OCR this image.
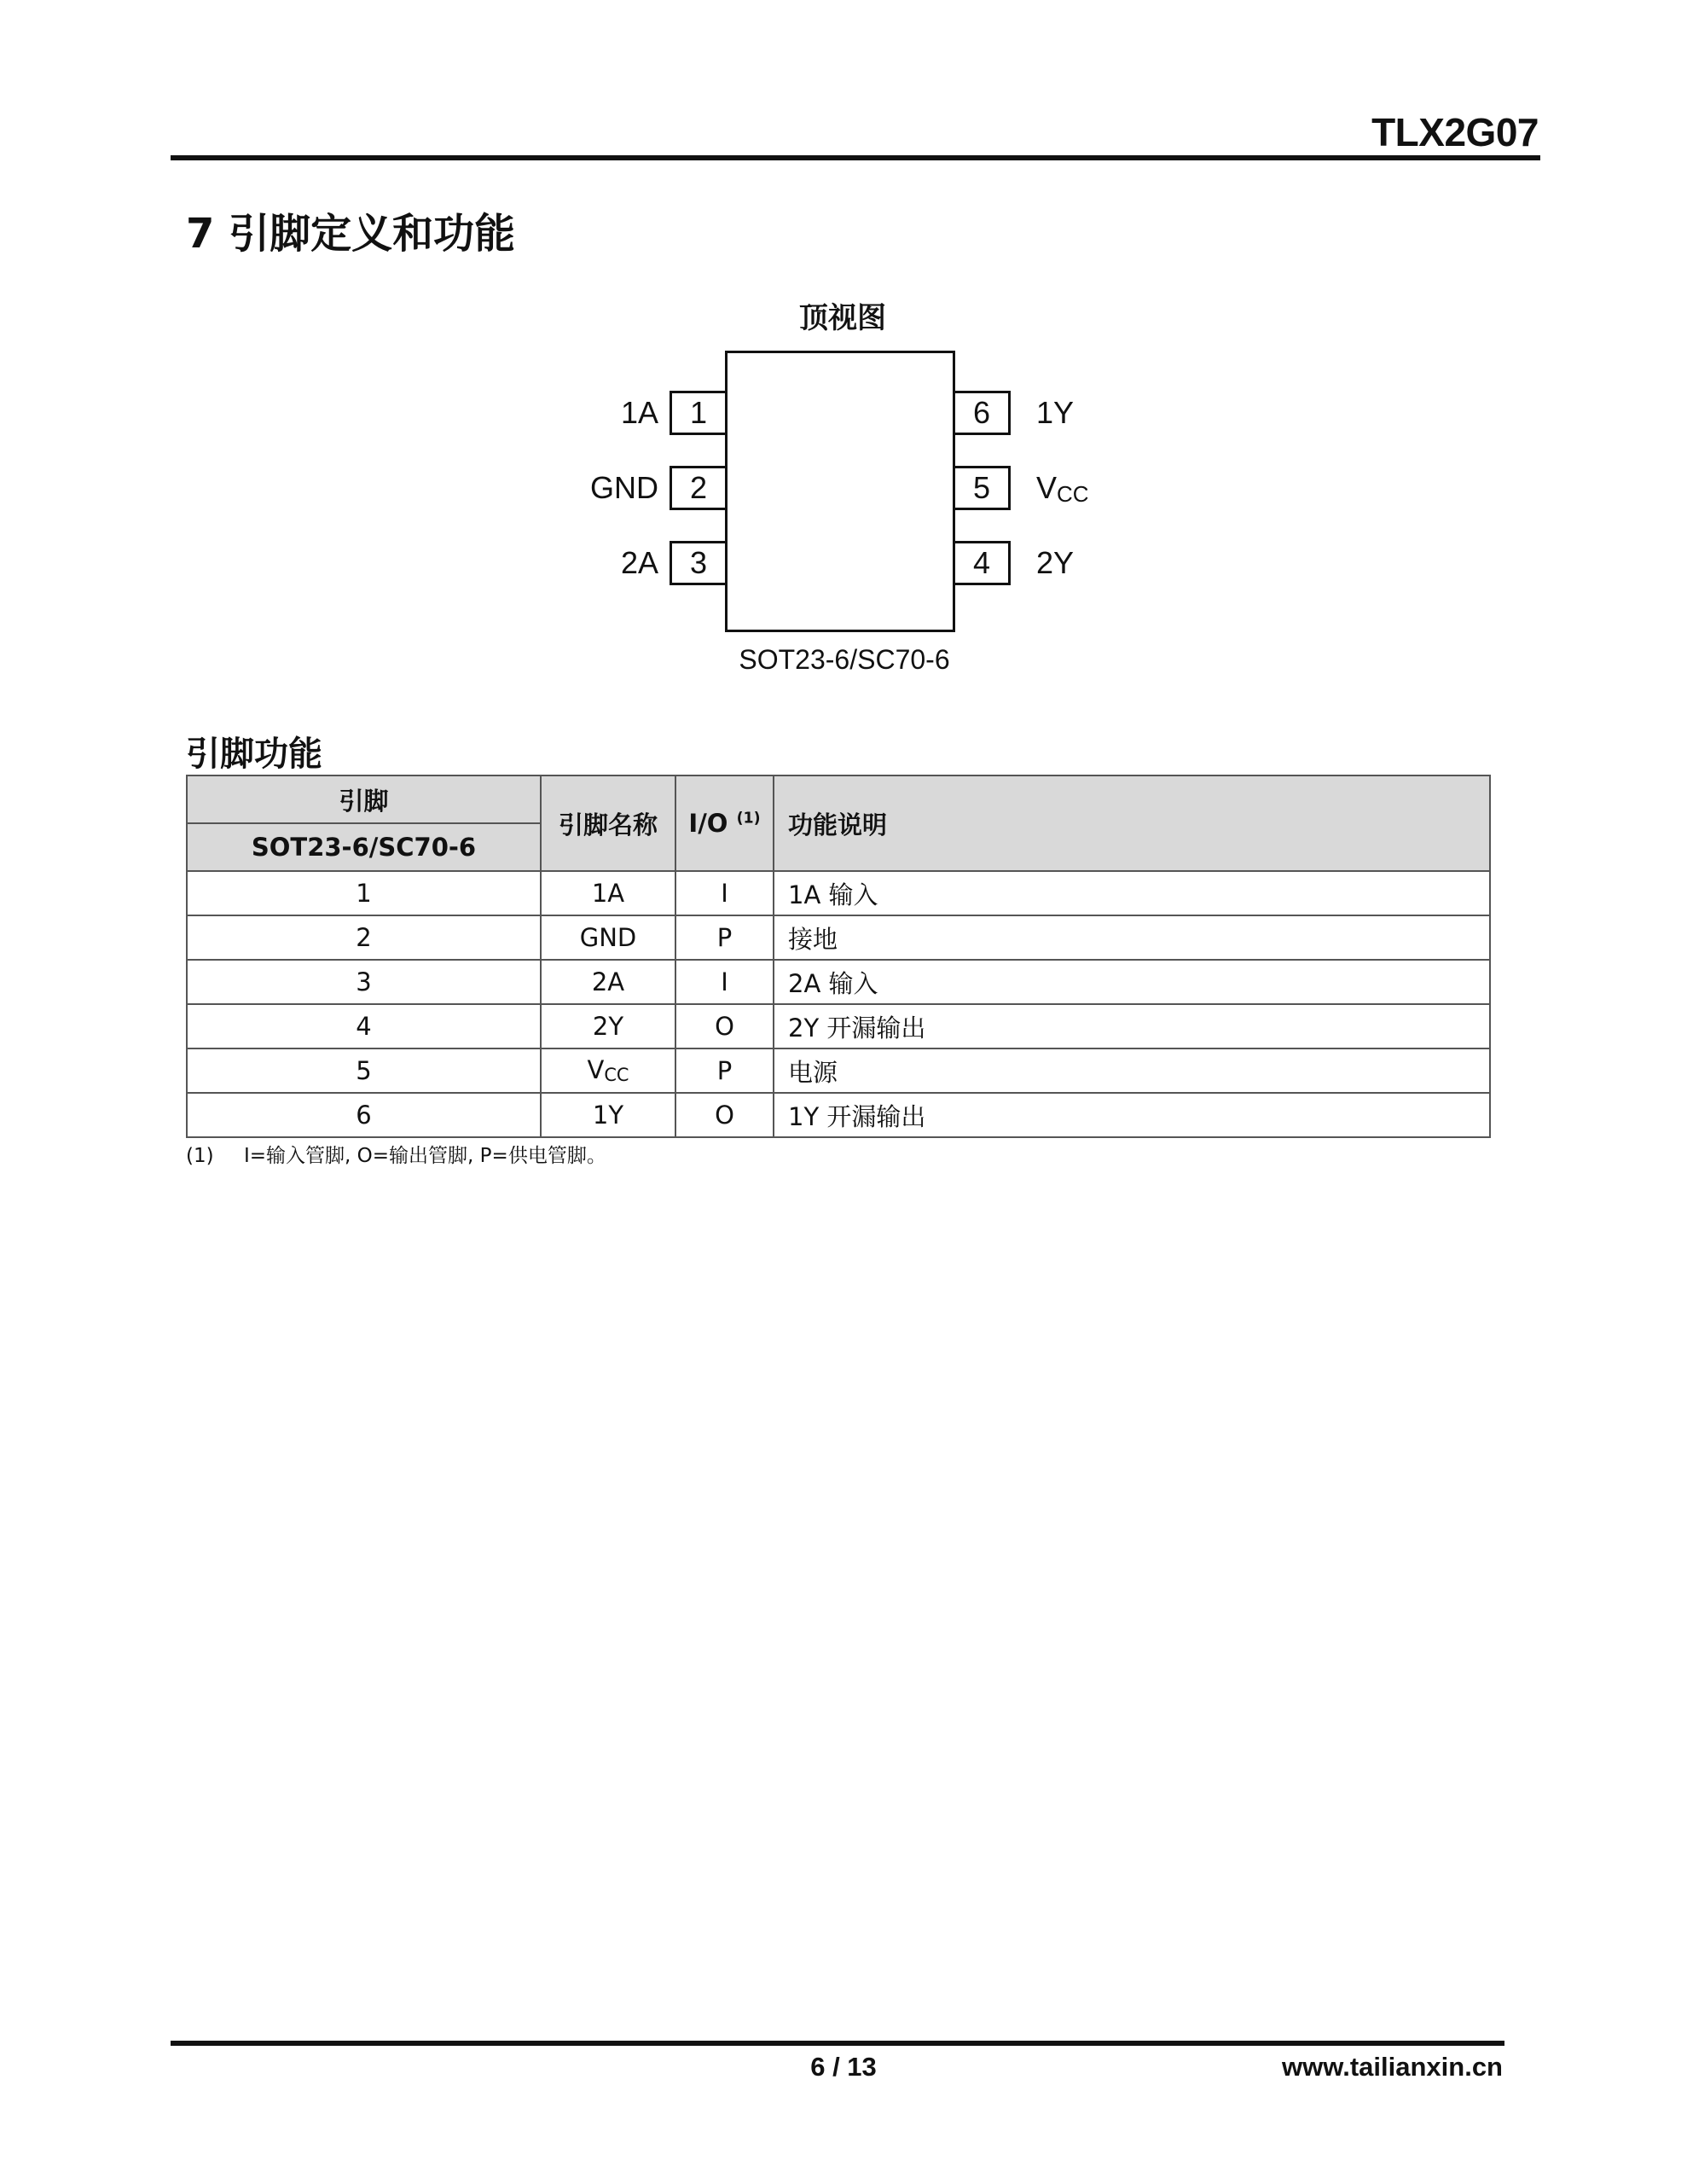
TLX2G07
7 引脚定义和功能
顶视图
1A	1
GND	2
2A	3
6	1Y
5	VCC
4	2Y
SOT23-6/SC70-6
引脚功能
引脚	引脚名称	I/O $^{(1)}$	功能说明
SOT23-6/SC70-6			
1	1A	I	1A 输入
2	GND	P	接地
3	2A	I	2A 输入
4	2Y	O	2Y 开漏输出
5	VCC	P	电源
6	1Y	O	1Y 开漏输出
(1) I=输入管脚, O=输出管脚, P=供电管脚。
6 / 13	www.tailianxin.cn
